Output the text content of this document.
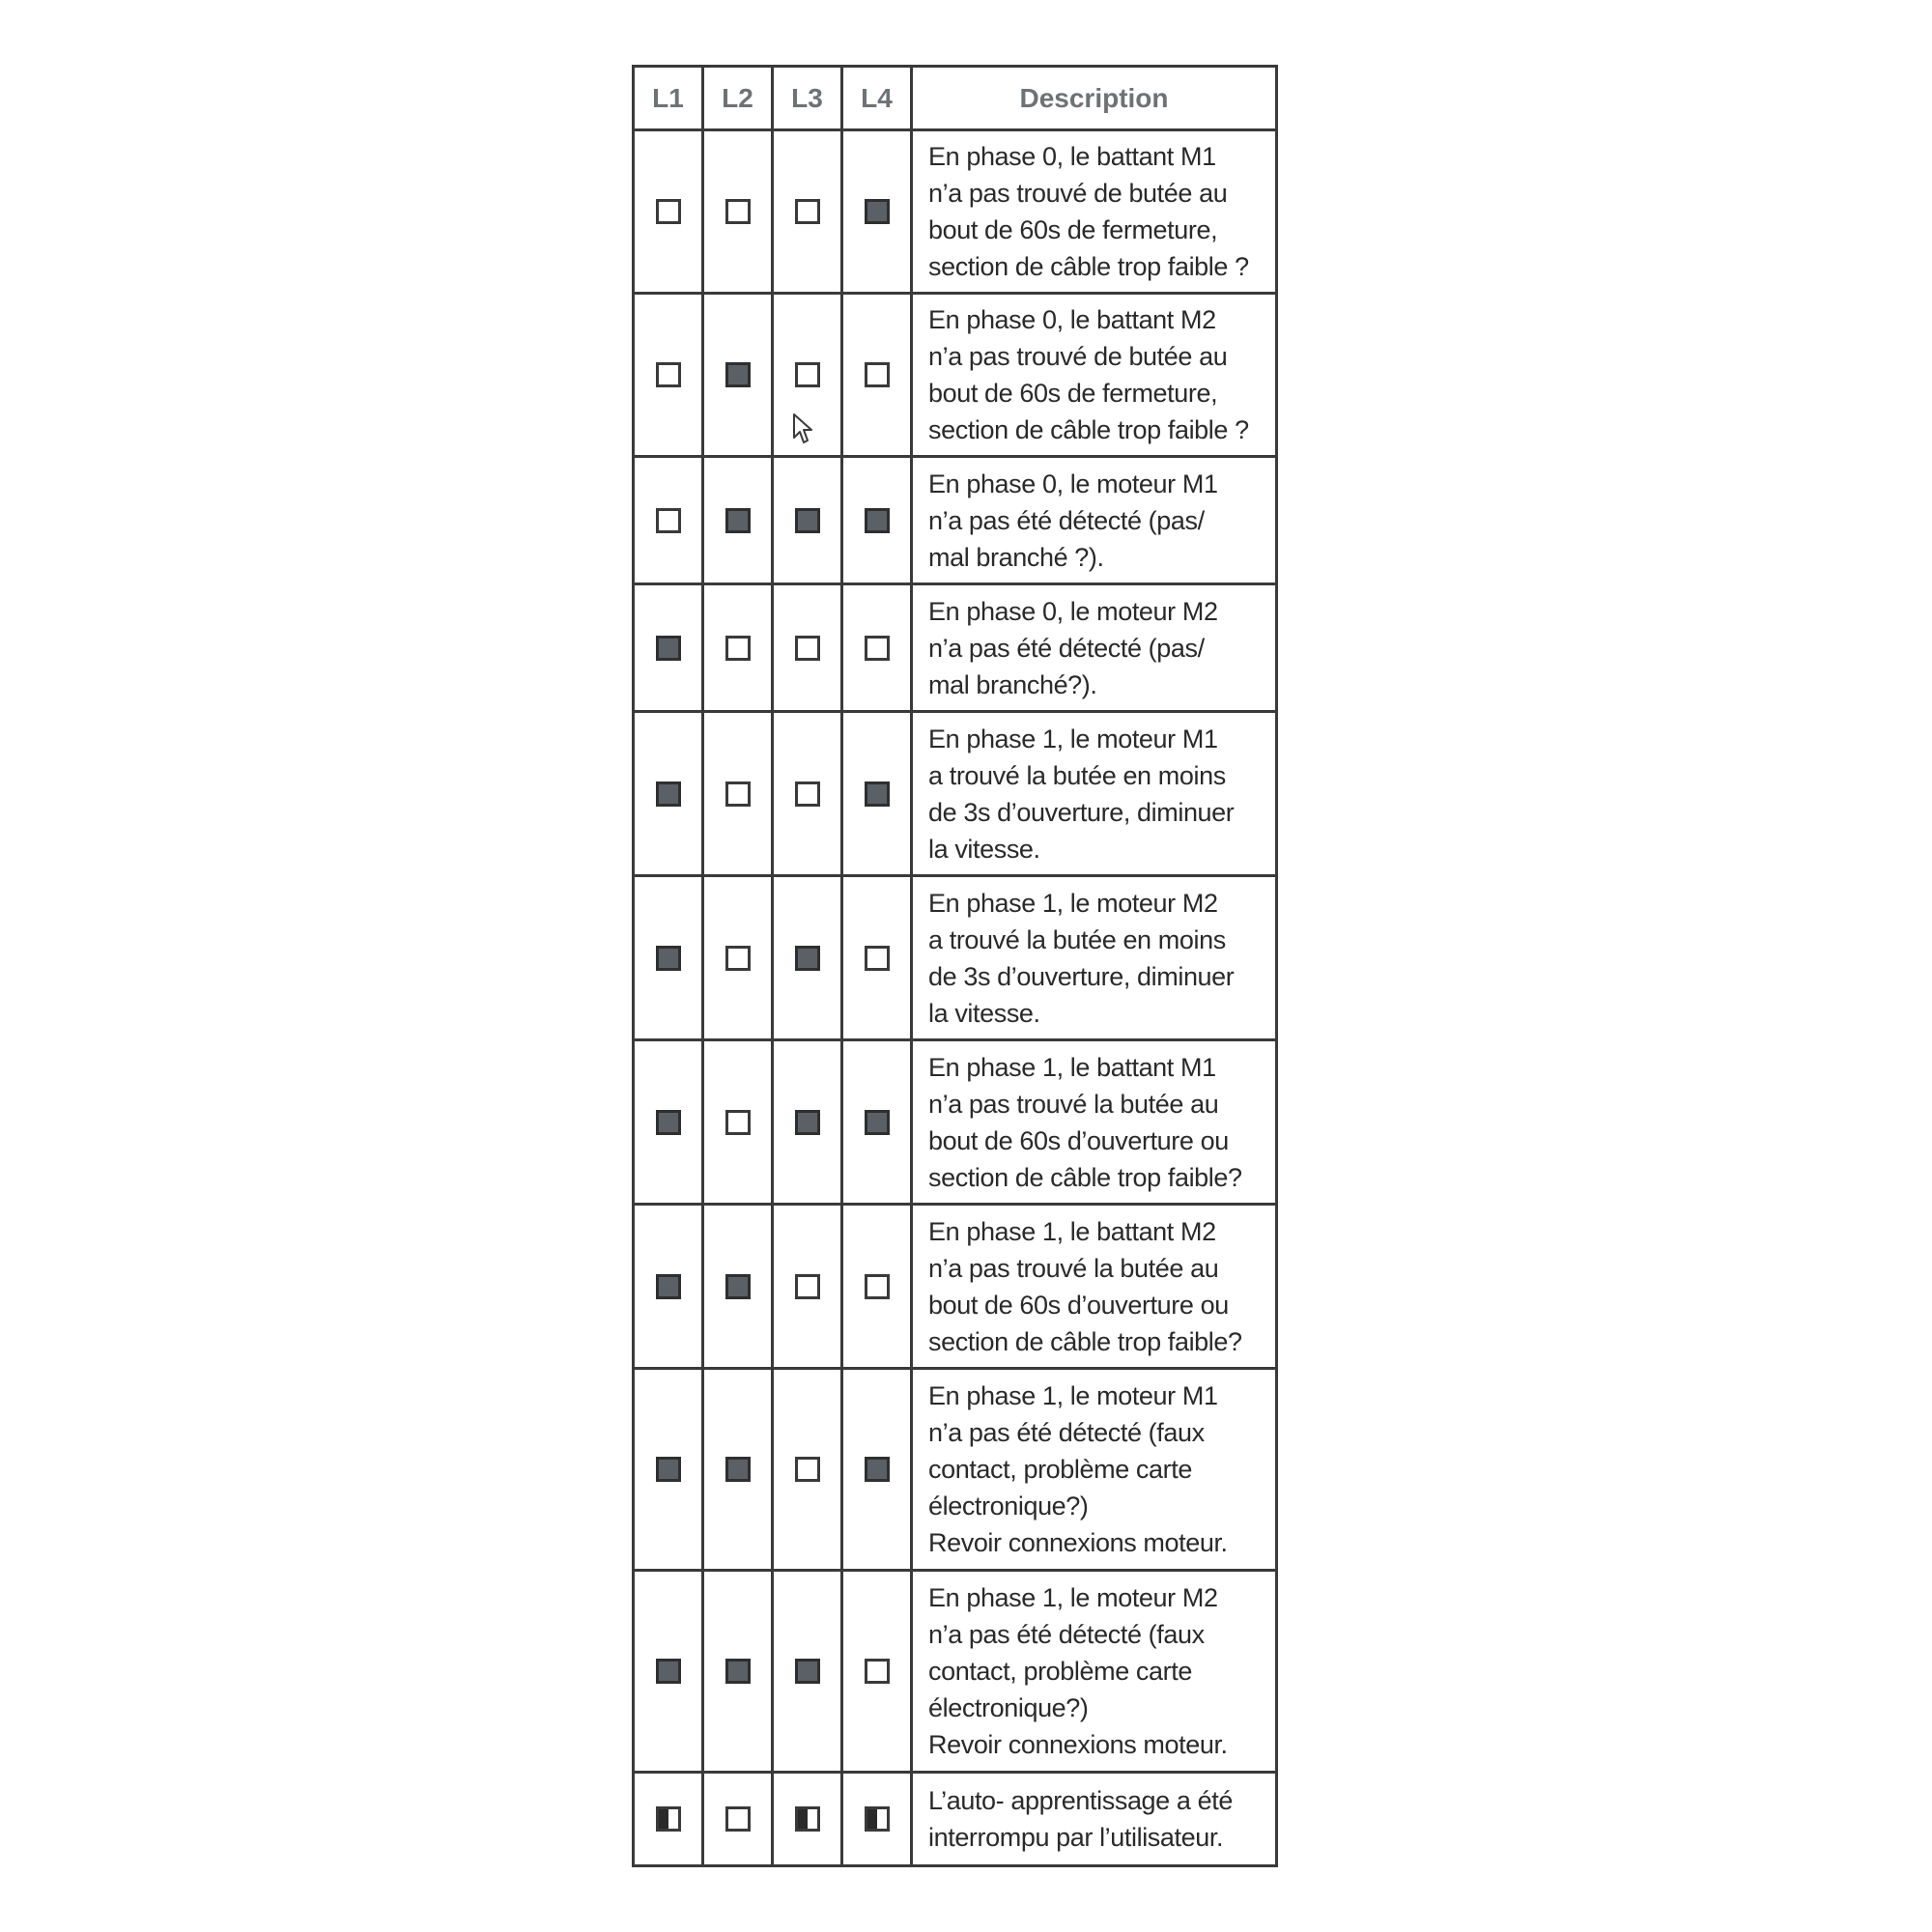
L1	L2	L3	L4	Description
				En phase 0, le battant M1
n’a pas trouvé de butée au
bout de 60s de fermeture,
section de câble trop faible ?
				En phase 0, le battant M2
n’a pas trouvé de butée au
bout de 60s de fermeture,
section de câble trop faible ?
				En phase 0, le moteur M1
n’a pas été détecté (pas/
mal branché ?).
				En phase 0, le moteur M2
n’a pas été détecté (pas/
mal branché?).
				En phase 1, le moteur M1
a trouvé la butée en moins
de 3s d’ouverture, diminuer
la vitesse.
				En phase 1, le moteur M2
a trouvé la butée en moins
de 3s d’ouverture, diminuer
la vitesse.
				En phase 1, le battant M1
n’a pas trouvé la butée au
bout de 60s d’ouverture ou
section de câble trop faible?
				En phase 1, le battant M2
n’a pas trouvé la butée au
bout de 60s d’ouverture ou
section de câble trop faible?
				En phase 1, le moteur M1
n’a pas été détecté (faux
contact, problème carte
électronique?)
Revoir connexions moteur.
				En phase 1, le moteur M2
n’a pas été détecté (faux
contact, problème carte
électronique?)
Revoir connexions moteur.
				L’auto- apprentissage a été
interrompu par l’utilisateur.
